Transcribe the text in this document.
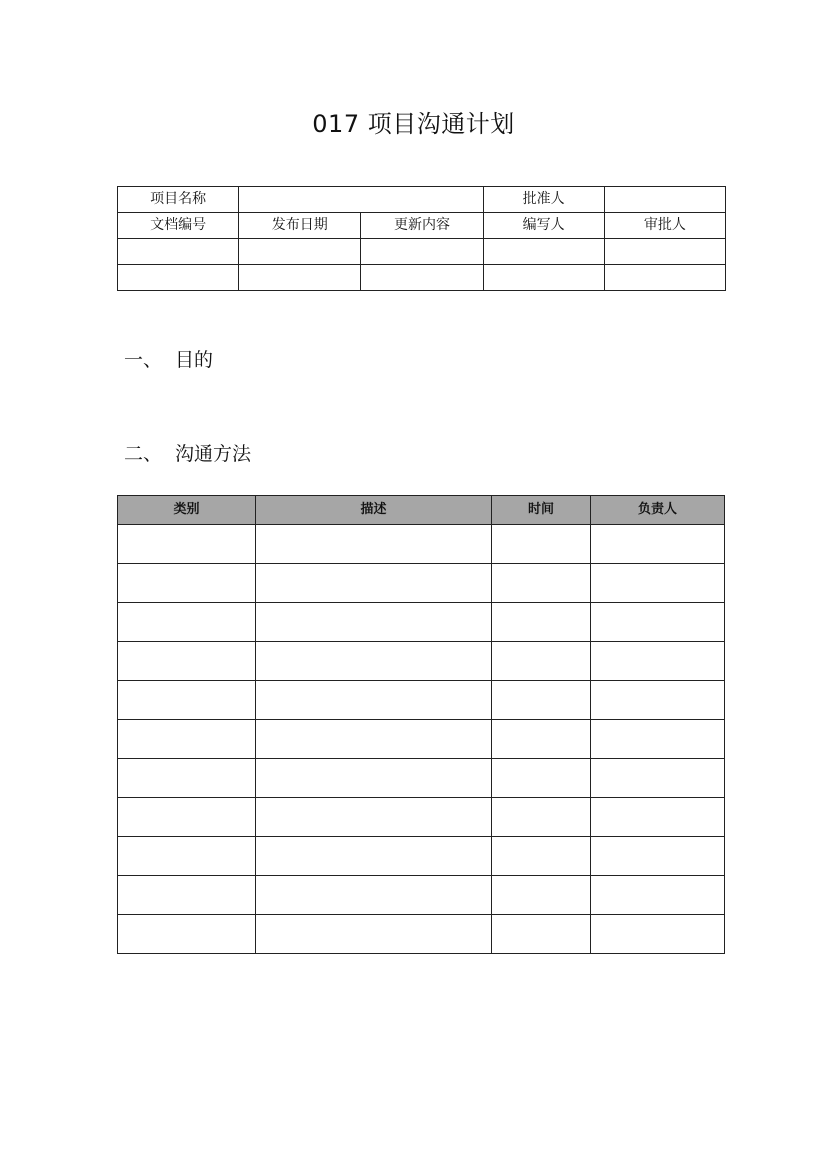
017 项目沟通计划
项目名称			批准人	
文档编号	发布日期	更新内容	编写人	审批人

一、 目的
二、 沟通方法
类别	描述	时间	负责人
